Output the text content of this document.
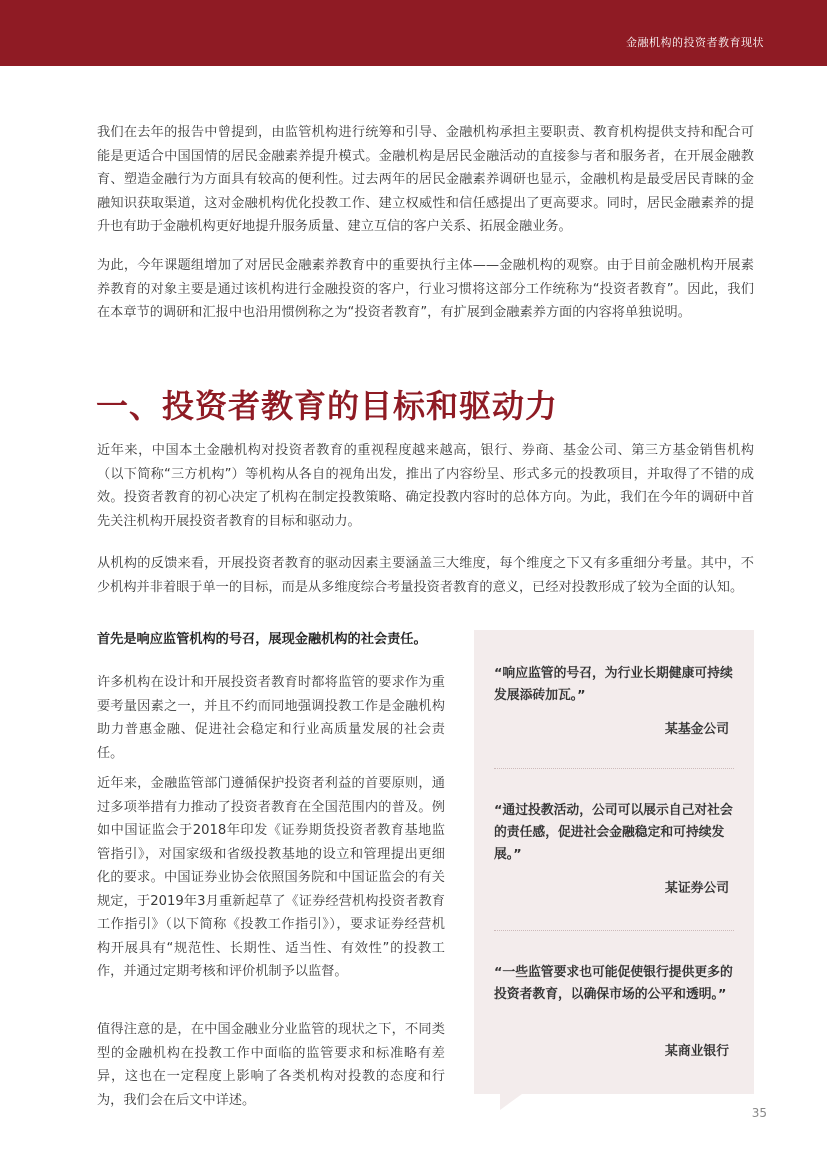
金融机构的投资者教育现状

我们在去年的报告中曾提到，由监管机构进行统筹和引导、金融机构承担主要职责、教育机构提供支持和配合可能是更适合中国国情的居民金融素养提升模式。金融机构是居民金融活动的直接参与者和服务者，在开展金融教育、塑造金融行为方面具有较高的便利性。过去两年的居民金融素养调研也显示，金融机构是最受居民青睐的金融知识获取渠道，这对金融机构优化投教工作、建立权威性和信任感提出了更高要求。同时，居民金融素养的提升也有助于金融机构更好地提升服务质量、建立互信的客户关系、拓展金融业务。

为此，今年课题组增加了对居民金融素养教育中的重要执行主体——金融机构的观察。由于目前金融机构开展素养教育的对象主要是通过该机构进行金融投资的客户，行业习惯将这部分工作统称为“投资者教育”。因此，我们在本章节的调研和汇报中也沿用惯例称之为“投资者教育”，有扩展到金融素养方面的内容将单独说明。

一、投资者教育的目标和驱动力

近年来，中国本土金融机构对投资者教育的重视程度越来越高，银行、券商、基金公司、第三方基金销售机构（以下简称“三方机构”）等机构从各自的视角出发，推出了内容纷呈、形式多元的投教项目，并取得了不错的成效。投资者教育的初心决定了机构在制定投教策略、确定投教内容时的总体方向。为此，我们在今年的调研中首先关注机构开展投资者教育的目标和驱动力。

从机构的反馈来看，开展投资者教育的驱动因素主要涵盖三大维度，每个维度之下又有多重细分考量。其中，不少机构并非着眼于单一的目标，而是从多维度综合考量投资者教育的意义，已经对投教形成了较为全面的认知。

首先是响应监管机构的号召，展现金融机构的社会责任。

许多机构在设计和开展投资者教育时都将监管的要求作为重要考量因素之一，并且不约而同地强调投教工作是金融机构助力普惠金融、促进社会稳定和行业高质量发展的社会责任。

近年来，金融监管部门遵循保护投资者利益的首要原则，通过多项举措有力推动了投资者教育在全国范围内的普及。例如中国证监会于2018年印发《证券期货投资者教育基地监管指引》，对国家级和省级投教基地的设立和管理提出更细化的要求。中国证券业协会依照国务院和中国证监会的有关规定，于2019年3月重新起草了《证券经营机构投资者教育工作指引》（以下简称《投教工作指引》），要求证券经营机构开展具有“规范性、长期性、适当性、有效性”的投教工作，并通过定期考核和评价机制予以监督。

值得注意的是，在中国金融业分业监管的现状之下，不同类型的金融机构在投教工作中面临的监管要求和标准略有差异，这也在一定程度上影响了各类机构对投教的态度和行为，我们会在后文中详述。

“响应监管的号召，为行业长期健康可持续发展添砖加瓦。”

某基金公司

“通过投教活动，公司可以展示自己对社会的责任感，促进社会金融稳定和可持续发展。”

某证券公司

“一些监管要求也可能促使银行提供更多的投资者教育，以确保市场的公平和透明。”

某商业银行
35
